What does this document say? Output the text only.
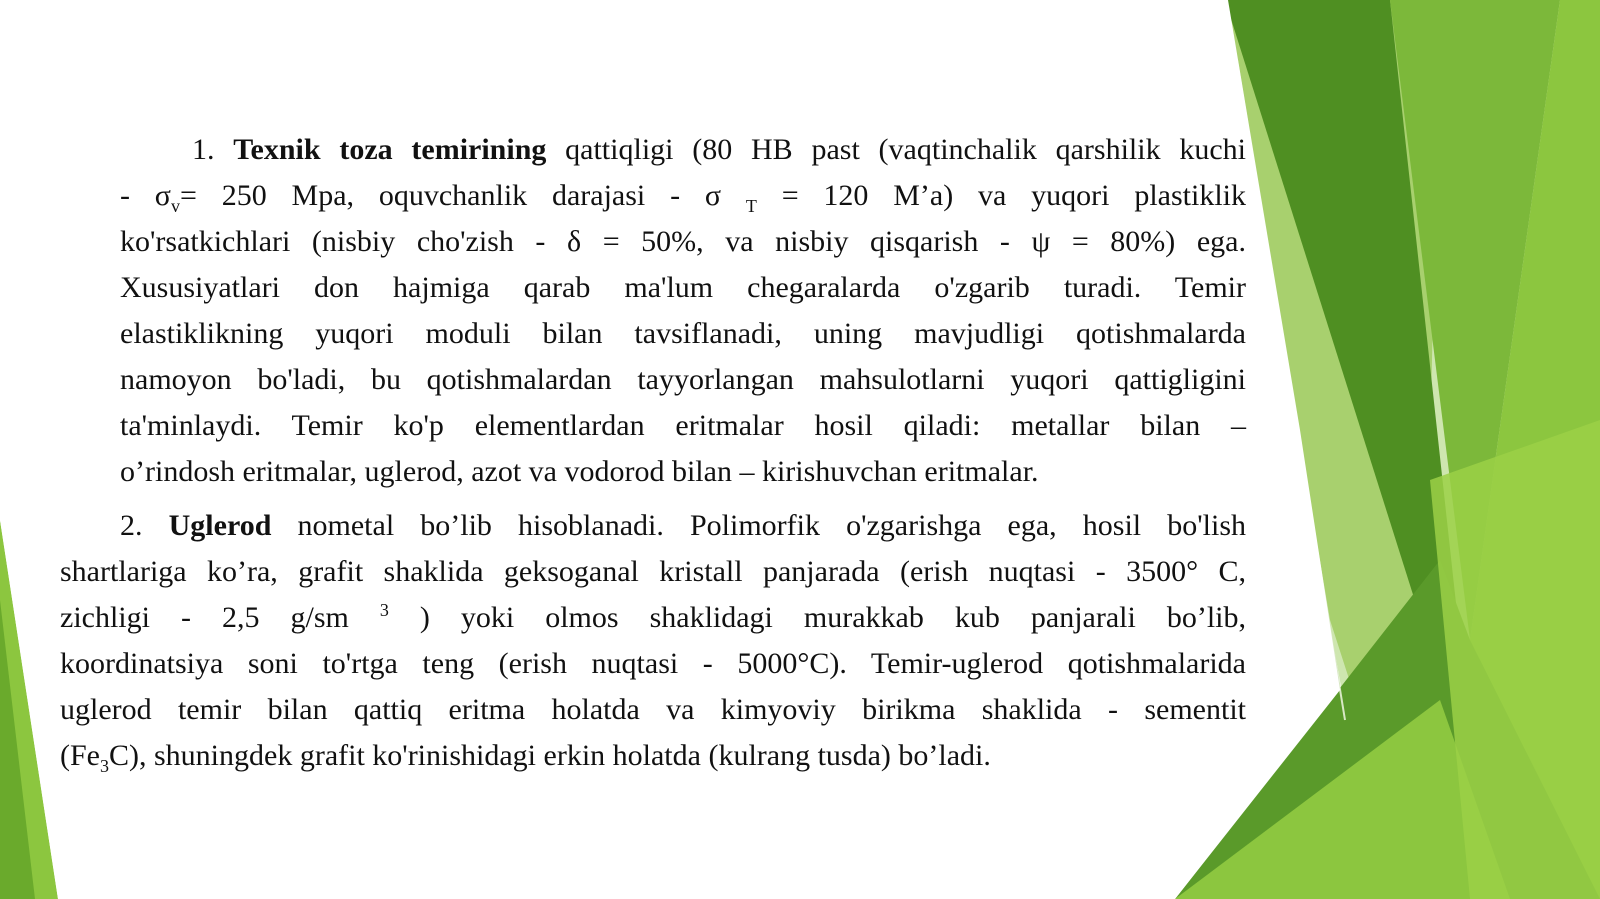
1. Texnik toza temirining qattiqligi (80 HB past (vaqtinchalik qarshilik kuchi
- $\sigma_v= 250$ Mpa, oquvchanlik darajasi - σ $_T$ = 120 M’a) va yuqori plastiklik
ko'rsatkichlari (nisbiy cho'zish - δ = 50%, va nisbiy qisqarish - ψ = 80%) ega.
Xususiyatlari don hajmiga qarab ma'lum chegaralarda o'zgarib turadi. Temir
elastiklikning yuqori moduli bilan tavsiflanadi, uning mavjudligi qotishmalarda
namoyon bo'ladi, bu qotishmalardan tayyorlangan mahsulotlarni yuqori qattigligini
ta'minlaydi. Temir ko'p elementlardan eritmalar hosil qiladi: metallar bilan –
o’rindosh eritmalar, uglerod, azot va vodorod bilan – kirishuvchan eritmalar.
2. Uglerod nometal bo’lib hisoblanadi. Polimorfik o'zgarishga ega, hosil bo'lish
shartlariga ko’ra, grafit shaklida geksoganal kristall panjarada (erish nuqtasi - 3500° C,
zichligi - 2,5 g/sm $^3$ ) yoki olmos shaklidagi murakkab kub panjarali bo’lib,
koordinatsiya soni to'rtga teng (erish nuqtasi - 5000°C). Temir-uglerod qotishmalarida
uglerod temir bilan qattiq eritma holatda va kimyoviy birikma shaklida - sementit
$(Fe_3C)$, shuningdek grafit ko'rinishidagi erkin holatda (kulrang tusda) bo’ladi.
